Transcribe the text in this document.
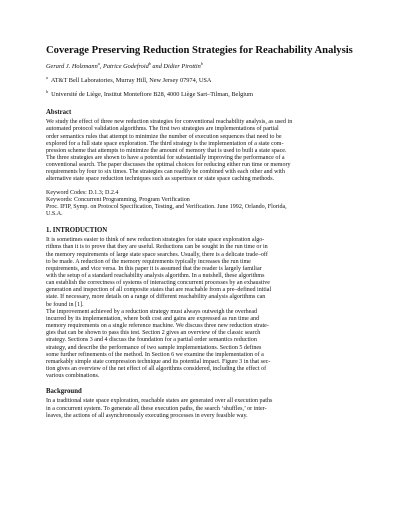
Coverage Preserving Reduction Strategies for Reachability Analysis
Gerard J. Holzmann$^a$, Patrice Godefroid$^b$ and Didier Pirottin$^b$
$^a$ AT&T Bell Laboratories, Murray Hill, New Jersey 07974, USA
$^b$ Université de Liège, Institut Montefiore B28, 4000 Liège Sart–Tilman, Belgium
Abstract
We study the effect of three new reduction strategies for conventional reachability analysis, as used in
automated protocol validation algorithms. The first two strategies are implementations of partial
order semantics rules that attempt to minimize the number of execution sequences that need to be
explored for a full state space exploration. The third strategy is the implementation of a state com-
pression scheme that attempts to minimize the amount of memory that is used to built a state space.
The three strategies are shown to have a potential for substantially improving the performance of a
conventional search. The paper discusses the optimal choices for reducing either run time or memory
requirements by four to six times. The strategies can readily be combined with each other and with
alternative state space reduction techniques such as supertrace or state space caching methods.
Keyword Codes: D.1.3; D.2.4
Keywords: Concurrent Programming, Program Verification
Proc. IFIP, Symp. on Protocol Specification, Testing, and Verification. June 1992, Orlando, Florida,
U.S.A.
1. INTRODUCTION
It is sometimes easier to think of new reduction strategies for state space exploration algo-
rithms than it is to prove that they are useful. Reductions can be sought in the run time or in
the memory requirements of large state space searches. Usually, there is a delicate trade–off
to be made. A reduction of the memory requirements typically increases the run time
requirements, and vice versa. In this paper it is assumed that the reader is largely familiar
with the setup of a standard reachability analysis algorithm. In a nutshell, these algorithms
can establish the correctness of systems of interacting concurrent processes by an exhaustive
generation and inspection of all composite states that are reachable from a pre–defined initial
state. If necessary, more details on a range of different reachability analysis algorithms can
be found in [1].
The improvement achieved by a reduction strategy must always outweigh the overhead
incurred by its implementation, where both cost and gains are expressed as run time and
memory requirements on a single reference machine. We discuss three new reduction strate-
gies that can be shown to pass this test. Section 2 gives an overview of the classic search
strategy. Sections 3 and 4 discuss the foundation for a partial order semantics reduction
strategy, and describe the performance of two sample implementations. Section 5 defines
some further refinements of the method. In Section 6 we examine the implementation of a
remarkably simple state compression technique and its potential impact. Figure 3 in that sec-
tion gives an overview of the net effect of all algorithms considered, including the effect of
various combinations.
Background
In a traditional state space exploration, reachable states are generated over all execution paths
in a concurrent system. To generate all these execution paths, the search ‘shuffles,’ or inter-
leaves, the actions of all asynchronously executing processes in every feasible way.
